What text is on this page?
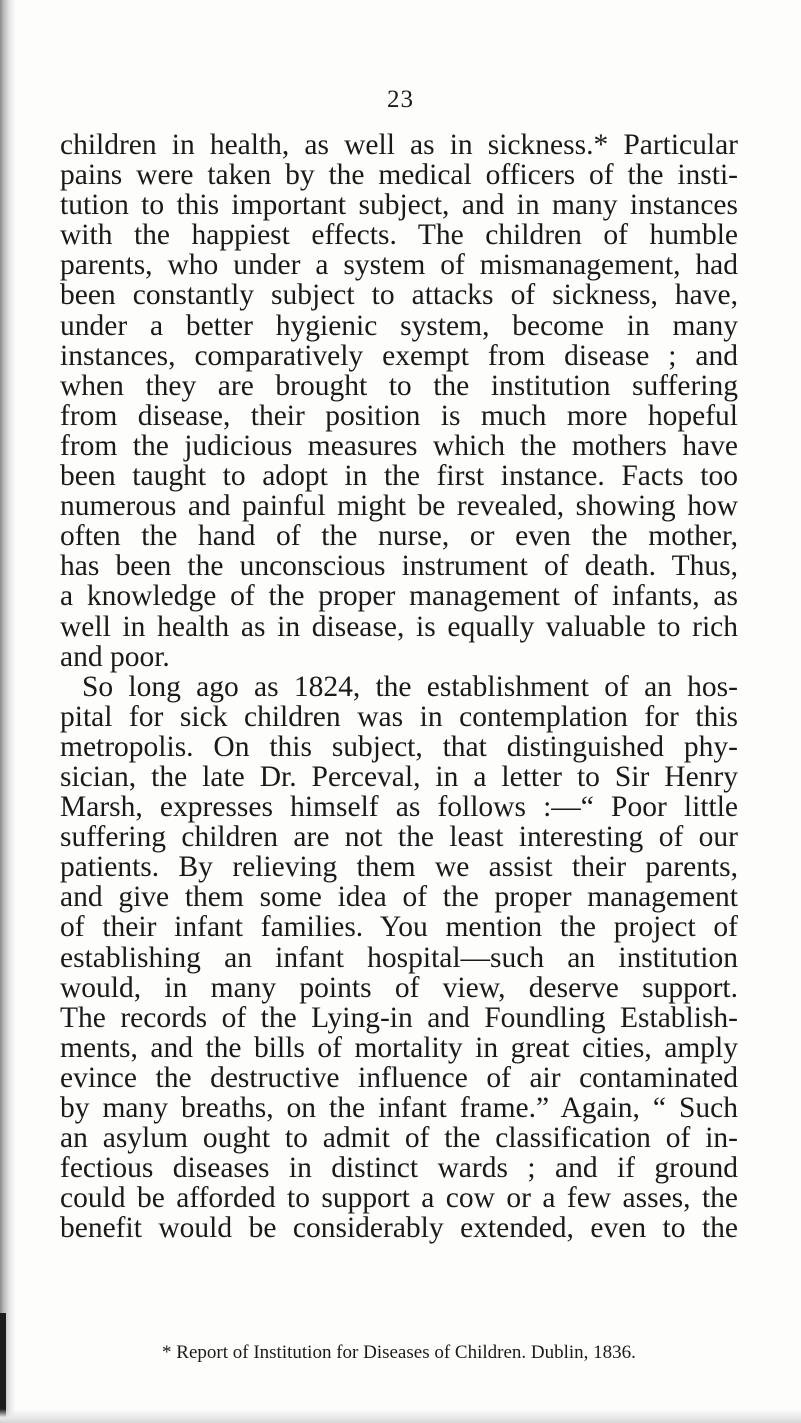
23
children in health, as well as in sickness.* Particular
pains were taken by the medical officers of the insti-
tution to this important subject, and in many instances
with the happiest effects. The children of humble
parents, who under a system of mismanagement, had
been constantly subject to attacks of sickness, have,
under a better hygienic system, become in many
instances, comparatively exempt from disease ; and
when they are brought to the institution suffering
from disease, their position is much more hopeful
from the judicious measures which the mothers have
been taught to adopt in the first instance. Facts too
numerous and painful might be revealed, showing how
often the hand of the nurse, or even the mother,
has been the unconscious instrument of death. Thus,
a knowledge of the proper management of infants, as
well in health as in disease, is equally valuable to rich
and poor.
So long ago as 1824, the establishment of an hos-
pital for sick children was in contemplation for this
metropolis. On this subject, that distinguished phy-
sician, the late Dr. Perceval, in a letter to Sir Henry
Marsh, expresses himself as follows :—“ Poor little
suffering children are not the least interesting of our
patients. By relieving them we assist their parents,
and give them some idea of the proper management
of their infant families. You mention the project of
establishing an infant hospital—such an institution
would, in many points of view, deserve support.
The records of the Lying-in and Foundling Establish-
ments, and the bills of mortality in great cities, amply
evince the destructive influence of air contaminated
by many breaths, on the infant frame.” Again, “ Such
an asylum ought to admit of the classification of in-
fectious diseases in distinct wards ; and if ground
could be afforded to support a cow or a few asses, the
benefit would be considerably extended, even to the
* Report of Institution for Diseases of Children. Dublin, 1836.
